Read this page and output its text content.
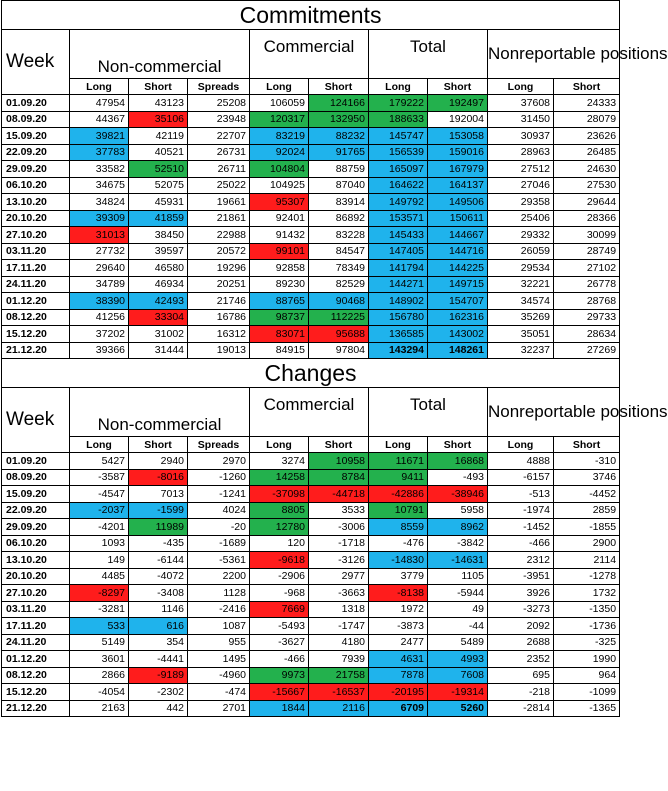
Commitments									
Week	Non-commercial			Commercial		Total		Nonreportable positions	
	Long	Short	Spreads	Long	Short	Long	Short	Long	Short
01.09.20	47954	43123	25208	106059	124166	179222	192497	37608	24333
08.09.20	44367	35106	23948	120317	132950	188633	192004	31450	28079
15.09.20	39821	42119	22707	83219	88232	145747	153058	30937	23626
22.09.20	37783	40521	26731	92024	91765	156539	159016	28963	26485
29.09.20	33582	52510	26711	104804	88759	165097	167979	27512	24630
06.10.20	34675	52075	25022	104925	87040	164622	164137	27046	27530
13.10.20	34824	45931	19661	95307	83914	149792	149506	29358	29644
20.10.20	39309	41859	21861	92401	86892	153571	150611	25406	28366
27.10.20	31013	38450	22988	91432	83228	145433	144667	29332	30099
03.11.20	27732	39597	20572	99101	84547	147405	144716	26059	28749
17.11.20	29640	46580	19296	92858	78349	141794	144225	29534	27102
24.11.20	34789	46934	20251	89230	82529	144271	149715	32221	26778
01.12.20	38390	42493	21746	88765	90468	148902	154707	34574	28768
08.12.20	41256	33304	16786	98737	112225	156780	162316	35269	29733
15.12.20	37202	31002	16312	83071	95688	136585	143002	35051	28634
21.12.20	39366	31444	19013	84915	97804	143294	148261	32237	27269
Changes									
Week	Non-commercial			Commercial		Total		Nonreportable positions	
	Long	Short	Spreads	Long	Short	Long	Short	Long	Short
01.09.20	5427	2940	2970	3274	10958	11671	16868	4888	-310
08.09.20	-3587	-8016	-1260	14258	8784	9411	-493	-6157	3746
15.09.20	-4547	7013	-1241	-37098	-44718	-42886	-38946	-513	-4452
22.09.20	-2037	-1599	4024	8805	3533	10791	5958	-1974	2859
29.09.20	-4201	11989	-20	12780	-3006	8559	8962	-1452	-1855
06.10.20	1093	-435	-1689	120	-1718	-476	-3842	-466	2900
13.10.20	149	-6144	-5361	-9618	-3126	-14830	-14631	2312	2114
20.10.20	4485	-4072	2200	-2906	2977	3779	1105	-3951	-1278
27.10.20	-8297	-3408	1128	-968	-3663	-8138	-5944	3926	1732
03.11.20	-3281	1146	-2416	7669	1318	1972	49	-3273	-1350
17.11.20	533	616	1087	-5493	-1747	-3873	-44	2092	-1736
24.11.20	5149	354	955	-3627	4180	2477	5489	2688	-325
01.12.20	3601	-4441	1495	-466	7939	4631	4993	2352	1990
08.12.20	2866	-9189	-4960	9973	21758	7878	7608	695	964
15.12.20	-4054	-2302	-474	-15667	-16537	-20195	-19314	-218	-1099
21.12.20	2163	442	2701	1844	2116	6709	5260	-2814	-1365
